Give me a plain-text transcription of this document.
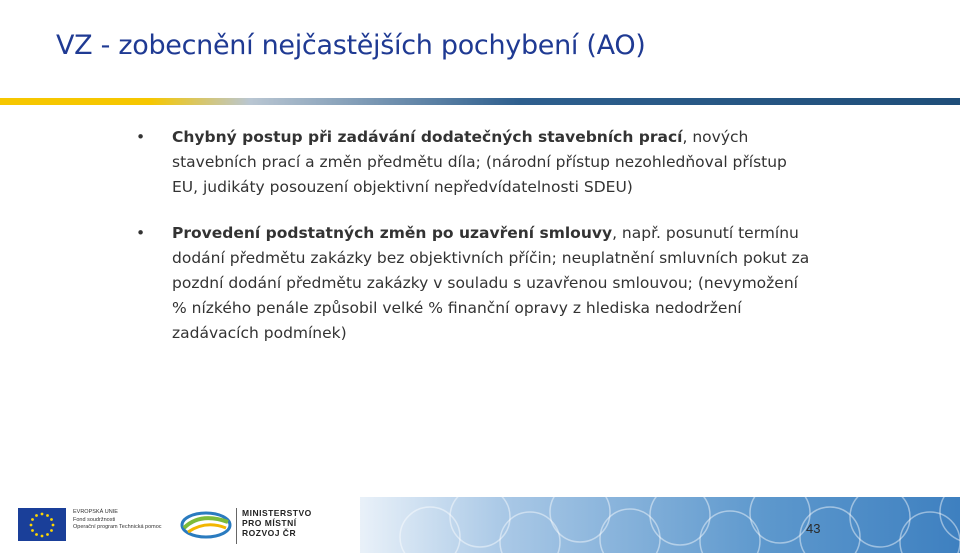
VZ - zobecnění nejčastějších pochybení (AO)
• Chybný postup při zadávání dodatečných stavebních prací, nových stavebních prací a změn předmětu díla; (národní přístup nezohledňoval přístup EU, judikáty posouzení objektivní nepředvídatelnosti SDEU)
• Provedení podstatných změn po uzavření smlouvy, např. posunutí termínu dodání předmětu zakázky bez objektivních příčin; neuplatnění smluvních pokut za pozdní dodání předmětu zakázky v souladu s uzavřenou smlouvou; (nevymožení % nízkého penále způsobil velké % finanční opravy z hlediska nedodržení zadávacích podmínek)
EVROPSKÁ UNIE
Fond soudržnosti
Operační program Technická pomoc
MINISTERSTVO
PRO MÍSTNÍ
ROZVOJ ČR	43
